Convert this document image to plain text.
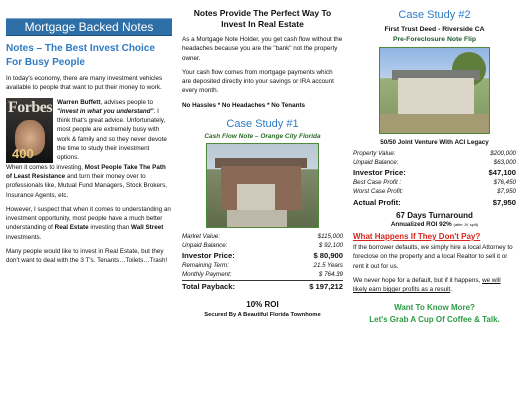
Mortgage Backed Notes
Notes – The Best Invest Choice For Busy People

In today's economy, there are many investment vehicles available to people that want to put their money to work.

Forbes
400

Warren Buffett, advises people to "invest in what you understand". I think that's great advice. Unfortunately, most people are extremely busy with work & family and so they never devote the time to study their investment options.

When it comes to investing, Most People Take The Path of Least Resistance and turn their money over to professionals like, Mutual Fund Managers, Stock Brokers, Insurance Agents, etc.

However, I suspect that when it comes to understanding an investment opportunity, most people have a much better understanding of Real Estate investing than Wall Street investments.

Many people would like to invest in Real Estate, but they don't want to deal with the 3 T's. Tenants…Toilets…Trash!

Notes Provide The Perfect Way To Invest In Real Estate

As a Mortgage Note Holder, you get cash flow without the headaches because you are the "bank" not the property owner.

Your cash flow comes from mortgage payments which are deposited directly into your savings or IRA account every month.

No Hassles * No Headaches * No Tenants
Case Study #1
Cash Flow Note – Orange City Florida
Market Value:	$115,000
Unpaid Balance:	$ 92,100
Investor Price:	$ 80,900
Remaining Term:	21.5 Years
Monthly Payment:	$ 764.39

Total Payback:	$ 197,212
10% ROI
Secured By A Beautiful Florida Townhome
Case Study #2
First Trust Deed - Riverside CA
Pre-Foreclosure Note Flip
50/50 Joint Venture With ACI Legacy
Property Value:	$200,000
Unpaid Balance:	$63,000
Investor Price:	$47,100
Best Case Profit :	$76,450
Worst Case Profit:	$7,950
Actual Profit:	$7,950
67 Days Turnaround
Annualized ROI 92% (after JV split)
What Happens If They Don't Pay?

If the borrower defaults, we simply hire a local Attorney to foreclose on the property and a local Realtor to sell it or rent it out for us.

We never hope for a default, but if it happens, we will likely earn bigger profits as a result.

Want To Know More?
Let's Grab A Cup Of Coffee & Talk.
